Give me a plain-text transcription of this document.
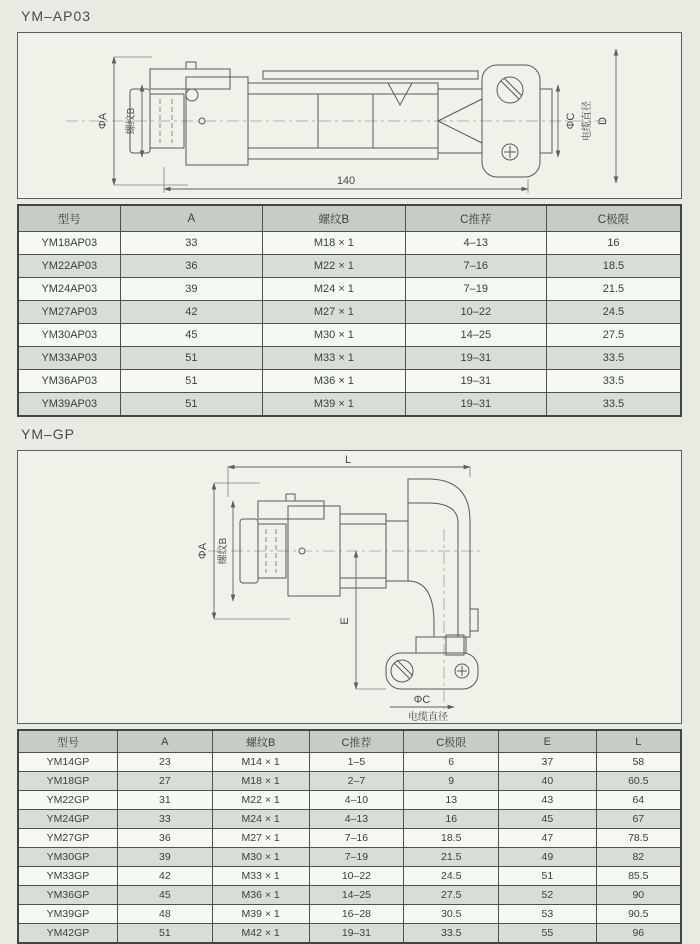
YM–AP03
ΦA 螺纹B	ΦC 电缆直径 D
140
型号	A	螺纹B	C推荐	C极限
YM18AP03	33	M18 × 1	4–13	16
YM22AP03	36	M22 × 1	7–16	18.5
YM24AP03	39	M24 × 1	7–19	21.5
YM27AP03	42	M27 × 1	10–22	24.5
YM30AP03	45	M30 × 1	14–25	27.5
YM33AP03	51	M33 × 1	19–31	33.5
YM36AP03	51	M36 × 1	19–31	33.5
YM39AP03	51	M39 × 1	19–31	33.5
YM–GP
L
ΦA 螺纹B
E
ΦC
电缆直径
型号	A	螺纹B	C推荐	C极限	E	L
YM14GP	23	M14 × 1	1–5	6	37	58
YM18GP	27	M18 × 1	2–7	9	40	60.5
YM22GP	31	M22 × 1	4–10	13	43	64
YM24GP	33	M24 × 1	4–13	16	45	67
YM27GP	36	M27 × 1	7–16	18.5	47	78.5
YM30GP	39	M30 × 1	7–19	21.5	49	82
YM33GP	42	M33 × 1	10–22	24.5	51	85.5
YM36GP	45	M36 × 1	14–25	27.5	52	90
YM39GP	48	M39 × 1	16–28	30.5	53	90.5
YM42GP	51	M42 × 1	19–31	33.5	55	96
